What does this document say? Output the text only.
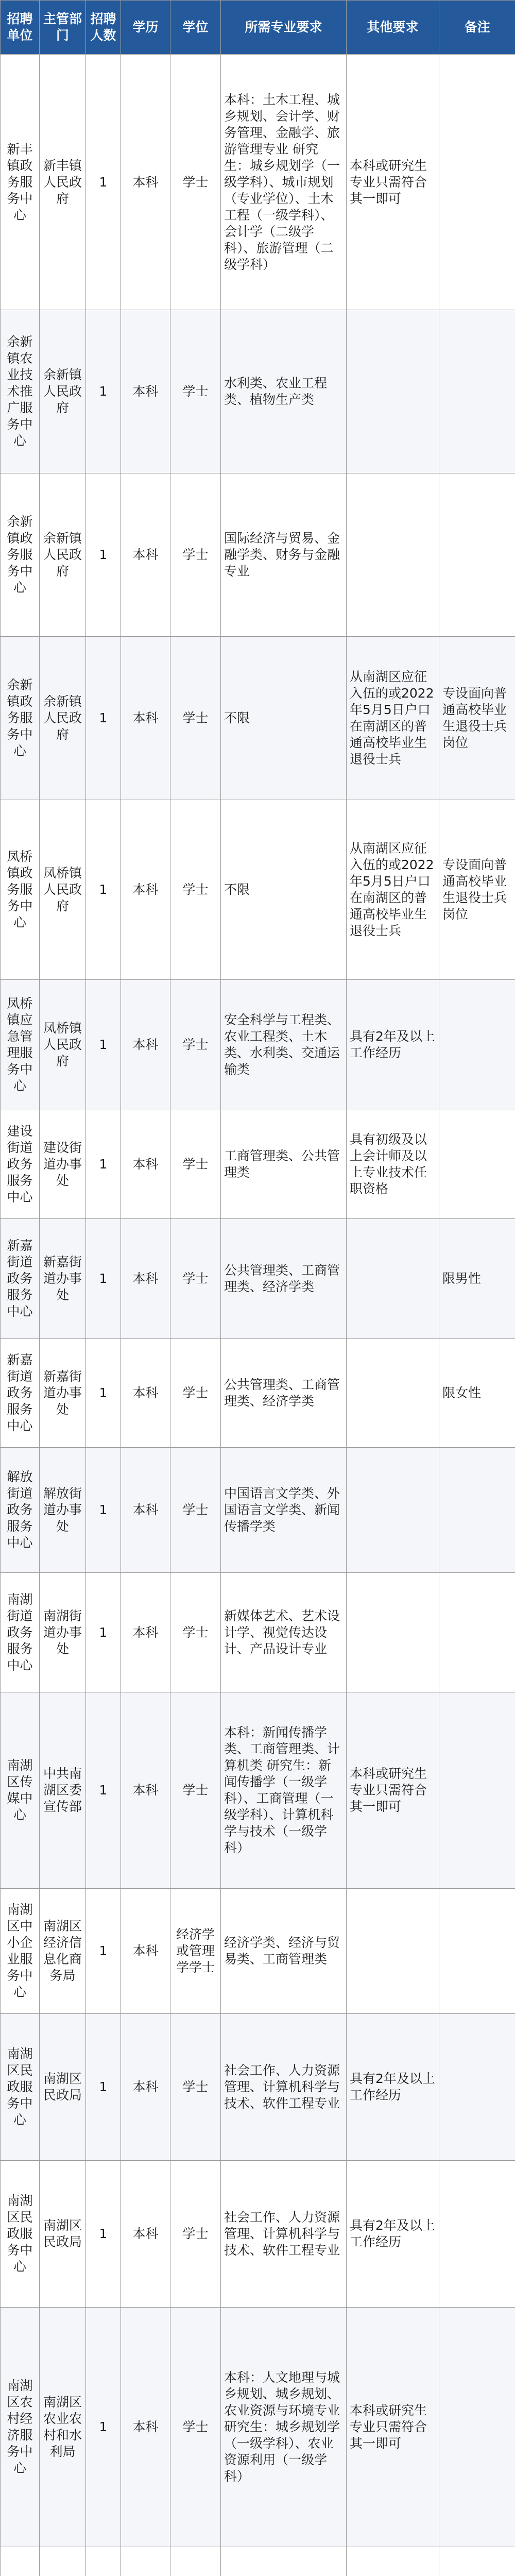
招聘单位	主管部门	招聘人数	学历	学位	所需专业要求	其他要求	备注
新丰镇政务服务中心	新丰镇人民政府	1	本科	学士	本科：土木工程、城乡规划、会计学、财务管理、金融学、旅游管理专业 研究生：城乡规划学（一级学科）、城市规划（专业学位）、土木工程（一级学科）、会计学（二级学科）、旅游管理（二级学科）	本科或研究生专业只需符合其一即可	
余新镇农业技术推广服务中心	余新镇人民政府	1	本科	学士	水利类、农业工程类、植物生产类		
余新镇政务服务中心	余新镇人民政府	1	本科	学士	国际经济与贸易、金融学类、财务与金融专业		
余新镇政务服务中心	余新镇人民政府	1	本科	学士	不限	从南湖区应征入伍的或2022年5月5日户口在南湖区的普通高校毕业生退役士兵	专设面向普通高校毕业生退役士兵岗位
凤桥镇政务服务中心	凤桥镇人民政府	1	本科	学士	不限	从南湖区应征入伍的或2022年5月5日户口在南湖区的普通高校毕业生退役士兵	专设面向普通高校毕业生退役士兵岗位
凤桥镇应急管理服务中心	凤桥镇人民政府	1	本科	学士	安全科学与工程类、农业工程类、土木类、水利类、交通运输类	具有2年及以上工作经历	
建设街道政务服务中心	建设街道办事处	1	本科	学士	工商管理类、公共管理类	具有初级及以上会计师及以上专业技术任职资格	
新嘉街道政务服务中心	新嘉街道办事处	1	本科	学士	公共管理类、工商管理类、经济学类		限男性
新嘉街道政务服务中心	新嘉街道办事处	1	本科	学士	公共管理类、工商管理类、经济学类		限女性
解放街道政务服务中心	解放街道办事处	1	本科	学士	中国语言文学类、外国语言文学类、新闻传播学类		
南湖街道政务服务中心	南湖街道办事处	1	本科	学士	新媒体艺术、艺术设计学、视觉传达设计、产品设计专业		
南湖区传媒中心	中共南湖区委宣传部	1	本科	学士	本科：新闻传播学类、工商管理类、计算机类 研究生：新闻传播学（一级学科）、工商管理（一级学科）、计算机科学与技术（一级学科）	本科或研究生专业只需符合其一即可	
南湖区中小企业服务中心	南湖区经济信息化商务局	1	本科	经济学或管理学学士	经济学类、经济与贸易类、工商管理类		
南湖区民政服务中心	南湖区民政局	1	本科	学士	社会工作、人力资源管理、计算机科学与技术、软件工程专业	具有2年及以上工作经历	
南湖区民政服务中心	南湖区民政局	1	本科	学士	社会工作、人力资源管理、计算机科学与技术、软件工程专业	具有2年及以上工作经历	
南湖区农村经济服务中心	南湖区农业农村和水利局	1	本科	学士	本科：人文地理与城乡规划、城乡规划、农业资源与环境专业 研究生：城乡规划学（一级学科）、农业资源利用（一级学科）	本科或研究生专业只需符合其一即可	
